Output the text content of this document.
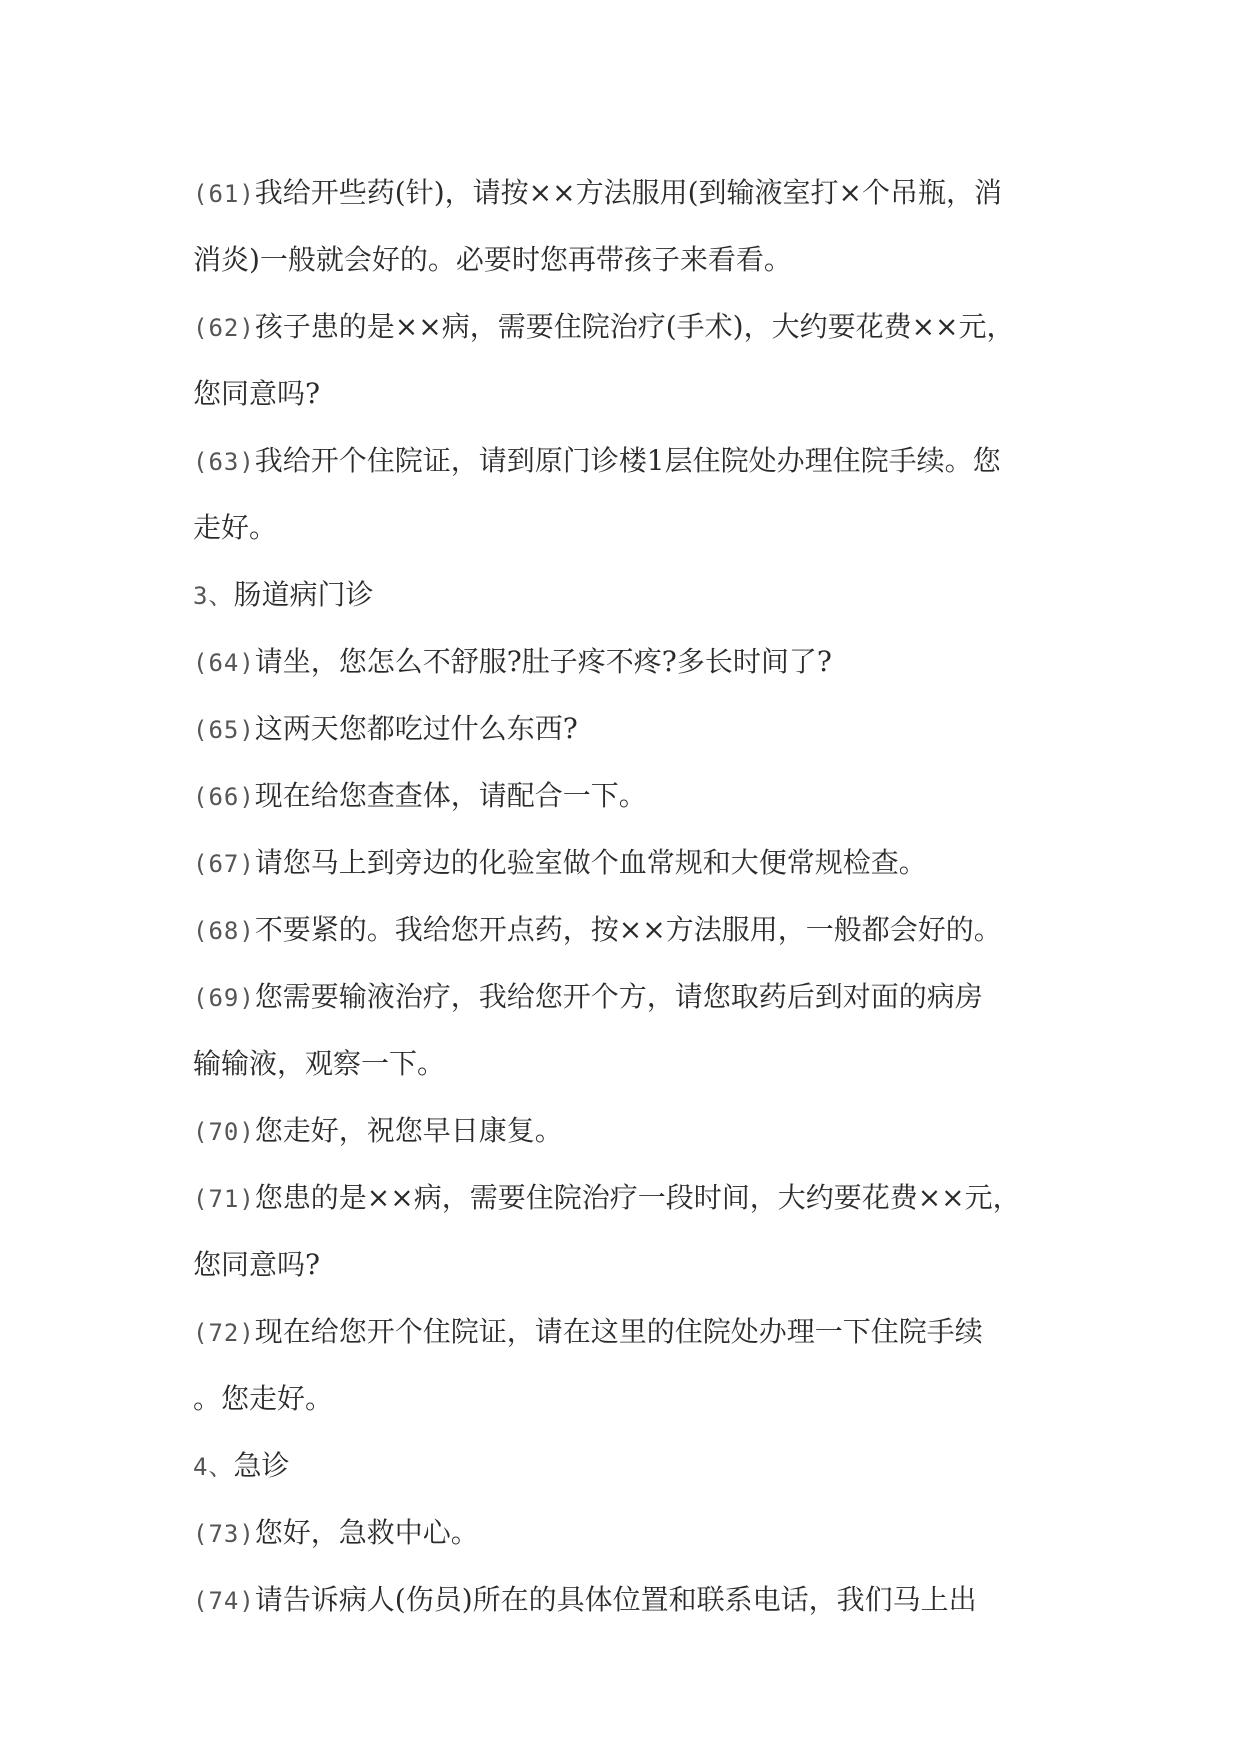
(61)我给开些药(针)，请按××方法服用(到输液室打×个吊瓶，消

消炎)一般就会好的。必要时您再带孩子来看看。

(62)孩子患的是××病，需要住院治疗(手术)，大约要花费××元，

您同意吗?

(63)我给开个住院证，请到原门诊楼1层住院处办理住院手续。您

走好。

3、肠道病门诊

(64)请坐，您怎么不舒服?肚子疼不疼?多长时间了?

(65)这两天您都吃过什么东西?

(66)现在给您查查体，请配合一下。

(67)请您马上到旁边的化验室做个血常规和大便常规检查。

(68)不要紧的。我给您开点药，按××方法服用，一般都会好的。

(69)您需要输液治疗，我给您开个方，请您取药后到对面的病房

输输液，观察一下。

(70)您走好，祝您早日康复。

(71)您患的是××病，需要住院治疗一段时间，大约要花费××元，

您同意吗?

(72)现在给您开个住院证，请在这里的住院处办理一下住院手续

。您走好。

4、急诊

(73)您好，急救中心。

(74)请告诉病人(伤员)所在的具体位置和联系电话，我们马上出
